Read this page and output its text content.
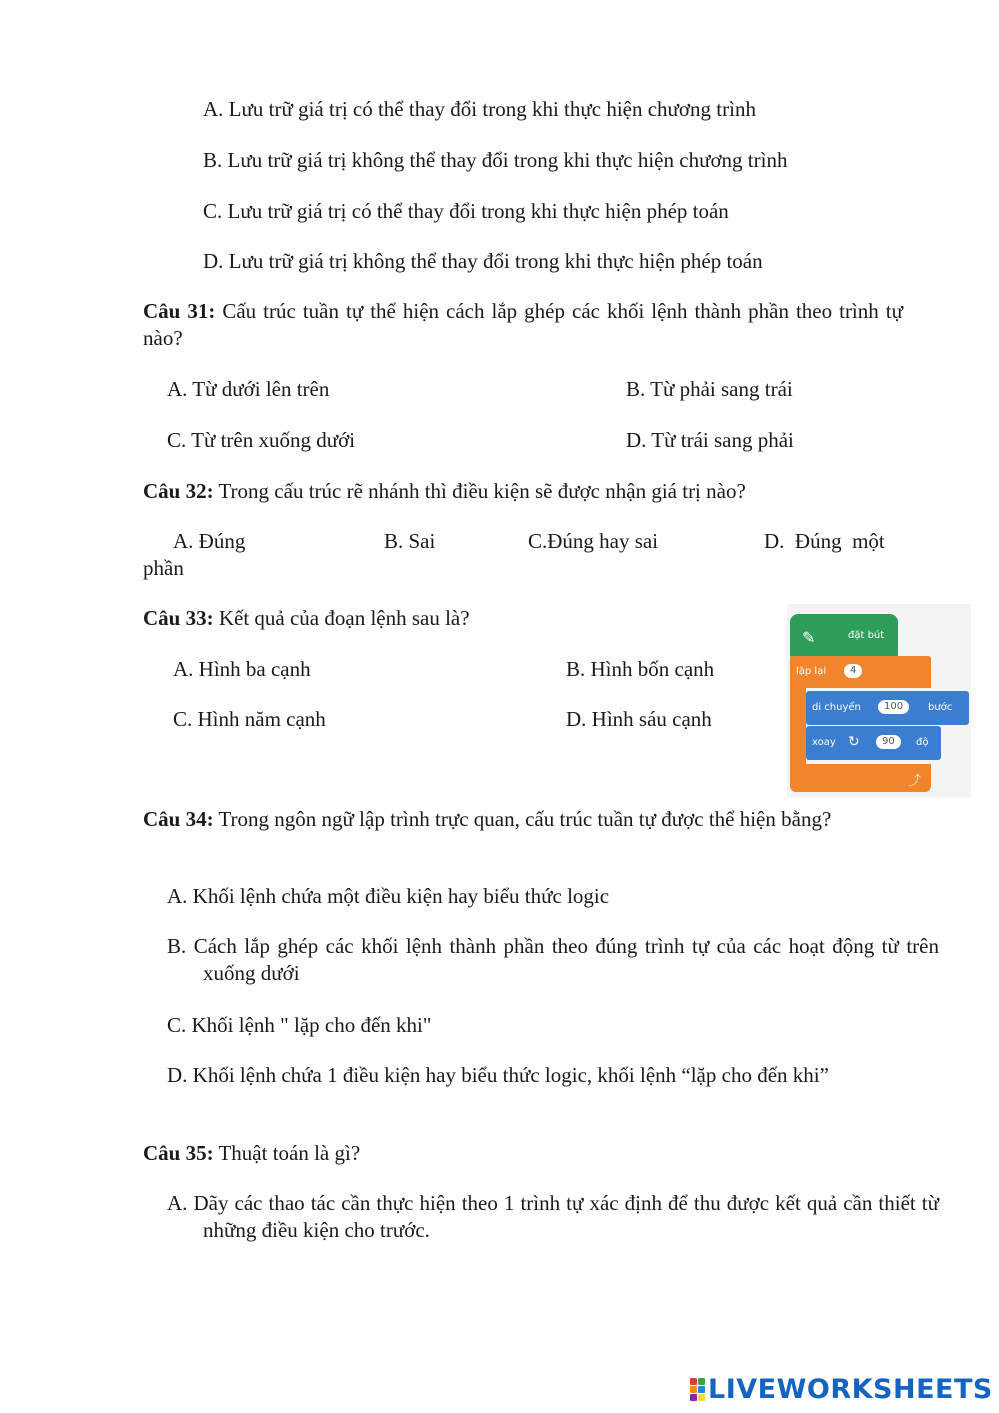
A. Lưu trữ giá trị có thể thay đổi trong khi thực hiện chương trình
B. Lưu trữ giá trị không thể thay đổi trong khi thực hiện chương trình
C. Lưu trữ giá trị có thể thay đổi trong khi thực hiện phép toán
D. Lưu trữ giá trị không thể thay đổi trong khi thực hiện phép toán
Câu 31: Cấu trúc tuần tự thể hiện cách lắp ghép các khối lệnh thành phần theo trình tự nào?
A. Từ dưới lên trên	B. Từ phải sang trái
C. Từ trên xuống dưới	D. Từ trái sang phải
Câu 32: Trong cấu trúc rẽ nhánh thì điều kiện sẽ được nhận giá trị nào?
A. Đúng	B. Sai	C.Đúng hay sai	D.  Đúng  một
phần
Câu 33: Kết quả của đoạn lệnh sau là?
A. Hình ba cạnh	B. Hình bốn cạnh
C. Hình năm cạnh	D. Hình sáu cạnh
✎	đặt bút
lặp lại	4
⤴
di chuyển	100	bước
xoay ↻	90	độ
Câu 34: Trong ngôn ngữ lập trình trực quan, cấu trúc tuần tự được thể hiện bằng?
A. Khối lệnh chứa một điều kiện hay biểu thức logic
B. Cách lắp ghép các khối lệnh thành phần theo đúng trình tự của các hoạt động từ trên xuống dưới
C. Khối lệnh " lặp cho đến khi"
D. Khối lệnh chứa 1 điều kiện hay biểu thức logic, khối lệnh “lặp cho đến khi”
Câu 35: Thuật toán là gì?
A. Dãy các thao tác cần thực hiện theo 1 trình tự xác định để thu được kết quả cần thiết từ những điều kiện cho trước.
LIVEWORKSHEETS
